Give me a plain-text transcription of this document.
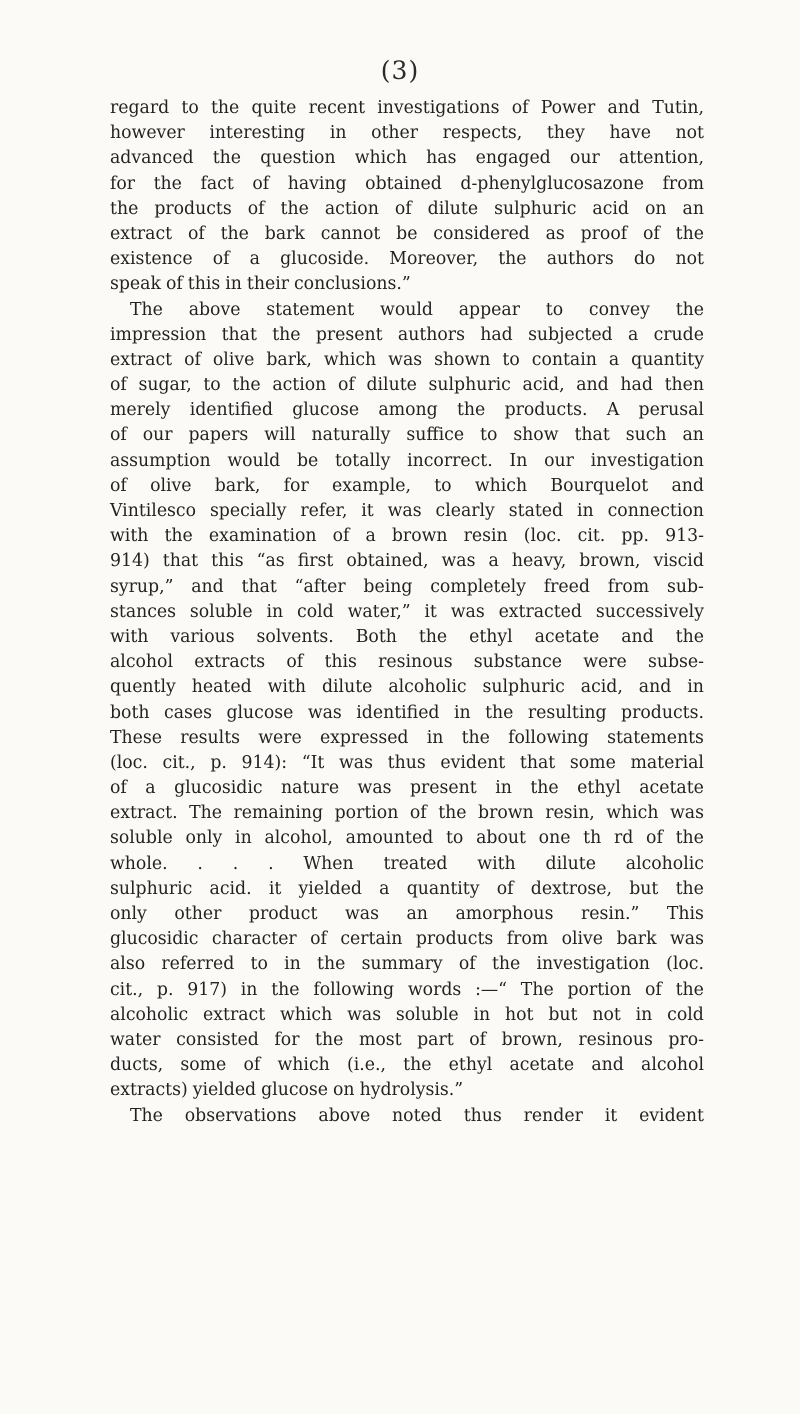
(3)
regard to the quite recent investigations of Power and Tutin,
however interesting in other respects, they have not
advanced the question which has engaged our attention,
for the fact of having obtained d-phenylglucosazone from
the products of the action of dilute sulphuric acid on an
extract of the bark cannot be considered as proof of the
existence of a glucoside. Moreover, the authors do not
speak of this in their conclusions.”
The above statement would appear to convey the
impression that the present authors had subjected a crude
extract of olive bark, which was shown to contain a quantity
of sugar, to the action of dilute sulphuric acid, and had then
merely identified glucose among the products. A perusal
of our papers will naturally suffice to show that such an
assumption would be totally incorrect. In our investigation
of olive bark, for example, to which Bourquelot and
Vintilesco specially refer, it was clearly stated in connection
with the examination of a brown resin (loc. cit. pp. 913-
914) that this “as first obtained, was a heavy, brown, viscid
syrup,” and that “after being completely freed from sub-
stances soluble in cold water,” it was extracted successively
with various solvents. Both the ethyl acetate and the
alcohol extracts of this resinous substance were subse-
quently heated with dilute alcoholic sulphuric acid, and in
both cases glucose was identified in the resulting products.
These results were expressed in the following statements
(loc. cit., p. 914): “It was thus evident that some material
of a glucosidic nature was present in the ethyl acetate
extract. The remaining portion of the brown resin, which was
soluble only in alcohol, amounted to about one th rd of the
whole. . . . When treated with dilute alcoholic
sulphuric acid. it yielded a quantity of dextrose, but the
only other product was an amorphous resin.” This
glucosidic character of certain products from olive bark was
also referred to in the summary of the investigation (loc.
cit., p. 917) in the following words :—“ The portion of the
alcoholic extract which was soluble in hot but not in cold
water consisted for the most part of brown, resinous pro-
ducts, some of which (i.e., the ethyl acetate and alcohol
extracts) yielded glucose on hydrolysis.”
The observations above noted thus render it evident
